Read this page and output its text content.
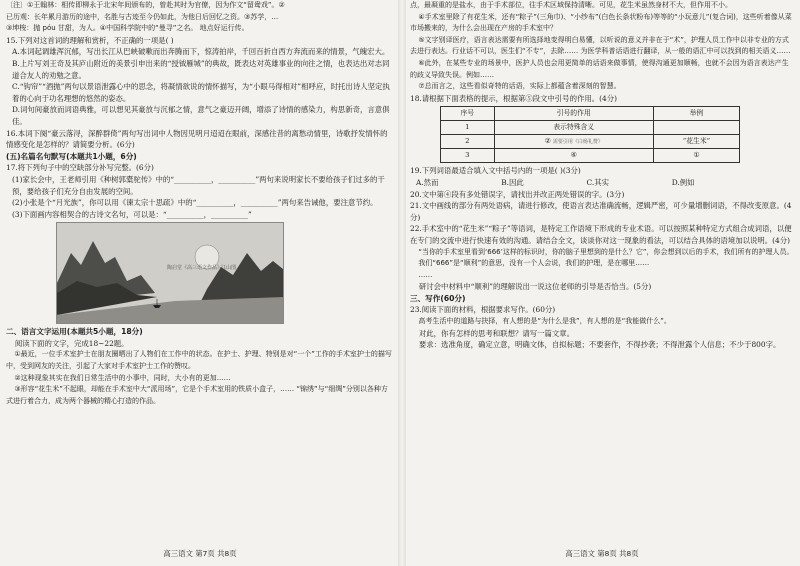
〔注〕①王翰林：相传即柳永于北宋年间颁布的，曾赴其时为官僚，因为作文“留鸯戏”。②

已历观：长年累月游历的途中，名胜与古迹至今仍如此，为他日后回忆之资。③苏学，…

③坤梭：抛 póu 甘甜，为人。④中国科学院中的“曼寻”之名。 地点好运行传。

15.下列对这首词的理解和赏析，不正确的一项是( )

A.本词起调雄浑沉郁，写出长江从巴峡破嗽而出奔腾而下，惊涛拍岸，千回百折自西方奔流而来的情景，气魄宏大。

B.上片写刘王奇及其庐山附近的美景引申出来的“授钺雁城”的典故，既表达对英雄事业的向往之情，也表达出对志同道合友人的劝勉之意。

C.“钩帘”“酒抛”两句以景语泄露心中的思念，将凝情欲说的情怀描写，为“小眼马得相对”相呼应，时托出诗人坚定执着的心向于功名理想的悠然的姿态。

D.词句间豪放而词语典雅，可以想见其豪放与沉郁之情，意气之豪迈开阔，增添了诗情的感染力，构思新奇，言意俱佳。

16.本词下阕“豪云落浔，深醉群倚”两句写出词中人物因见明月迢迢在眼前，深感往昔的离愁动情里，诗歌抒发情怀的情感变化是怎样的？请简要分析。(6分)

(五)名篇名句默写(本题共1小题，6分)

17.将下列句子中的空缺部分补写完整。(6分)

(1)家长会中，王老师引用《种树郭橐驼传》中的“__________，__________”两句来说明家长不要给孩子们过多的干预，要给孩子们充分自由发展的空间。

(2)小张是个“月光族”，你可以用《谏太宗十思疏》中的“__________，__________”两句来告诫他，要注意节约。

(3)下面画内容相契合的古诗文名句，可以是：“__________，__________”

陶启堂《高三语文作品》·江山图

二、语言文字运用(本题共5小题，18分)

阅读下面的文字，完成18~22题。

①最近，一位手术室护士在朋友圈晒出了人物们在工作中的状态。在护士、护理、特别是对“一个”工作的手术室护士的描写中，受到网友的关注，引起了大家对手术室护士工作的赞叹。

②这种现象其实在我们日常生活中的小事中，同时，大小有的更加……

③形容“花生米”不起眼，却能在手术室中大“派用场”，它是个手术室用的铁质小盒子，…… “锦绣”与“细绸”分别以各种方式进行着合力，成为两个器械的精心打造的作品。

高三语文 第7页 共8页

点，最凝重的是盐水，由于手术部位，往手术区域保持清晰。可见，花生米虽然身材不大，但作用不小。

④手术室里除了有花生米，还有“粽子”(三角巾)、“小纱布”(白色长条状粉布)等等的“小玩意儿”(复合词)，这些听着像从菜市场搬来的，为什么会出现在产房的手术室中？

⑤文字别译医疗，语言表达需要有所选择地变得明白易懂，以听说的意义并非在于“术”，护理人员工作中以非专业的方式去进行表达。行业话不可以，医生们“不专”，去除…… 为医学科普话语进行翻译，从一般的语汇中可以找到的相关语义……

⑥此外，在某些专业的场景中，医护人员也会用更简单的话语来做事情，使得沟通更加顺畅，也就不会因为语言表达产生的歧义导致失误。例如……

⑦总而言之，这些看似奇特的话语，实际上都蕴含着深刻的智慧。

18.请根据下面表格的提示，根据第⑤段文中引号的作用。(4分)

序号	引号的作用	举例
1	表示特殊含义	
2	② 需要引用《白杨礼赞》	“花生米”
3	④	①

19.下列词语最适合填入文中括号内的一项是( )(3分)

A.然而	B.因此	C.其实	D.例如

20.文中第④段有多处错误字，请找出并改正两处错误的字。(3分)

21.文中画线的部分有两处语病，请进行修改，使语言表达准确流畅，逻辑严密，可少量增删词语，不得改变原意。(4分)

22.手术室中的“花生米”“粽子”等语词，是特定工作语境下形成的专业术语。可以按照某种特定方式组合成词语，以便在专门的交流中进行快速有效的沟通。请结合全文，谈谈你对这一现象的看法，可以结合具体的语境加以说明。(4分)

“当你的手术室里看到‘666’这样的标识时，你的脑子里想到的是什么？它”，你会想到以后的手术，我们所有的护理人员。

我们“666”是“顺利”的意思，没有一个人会说，我们的护理，是在哪里……

……

研讨会中材料中“顺利”的理解说出一说这位老师的引导是否恰当。(5分)

三、写作(60分)

23.阅读下面的材料，根据要求写作。(60分)

高考生活中的道路与抉择，有人想的是“为什么是我”，有人想的是“我能做什么”。

对此，你有怎样的思考和联想？请写一篇文章。

要求：选准角度，确定立意，明确文体，自拟标题；不要套作，不得抄袭；不得泄露个人信息；不少于800字。

高三语文 第8页 共8页
